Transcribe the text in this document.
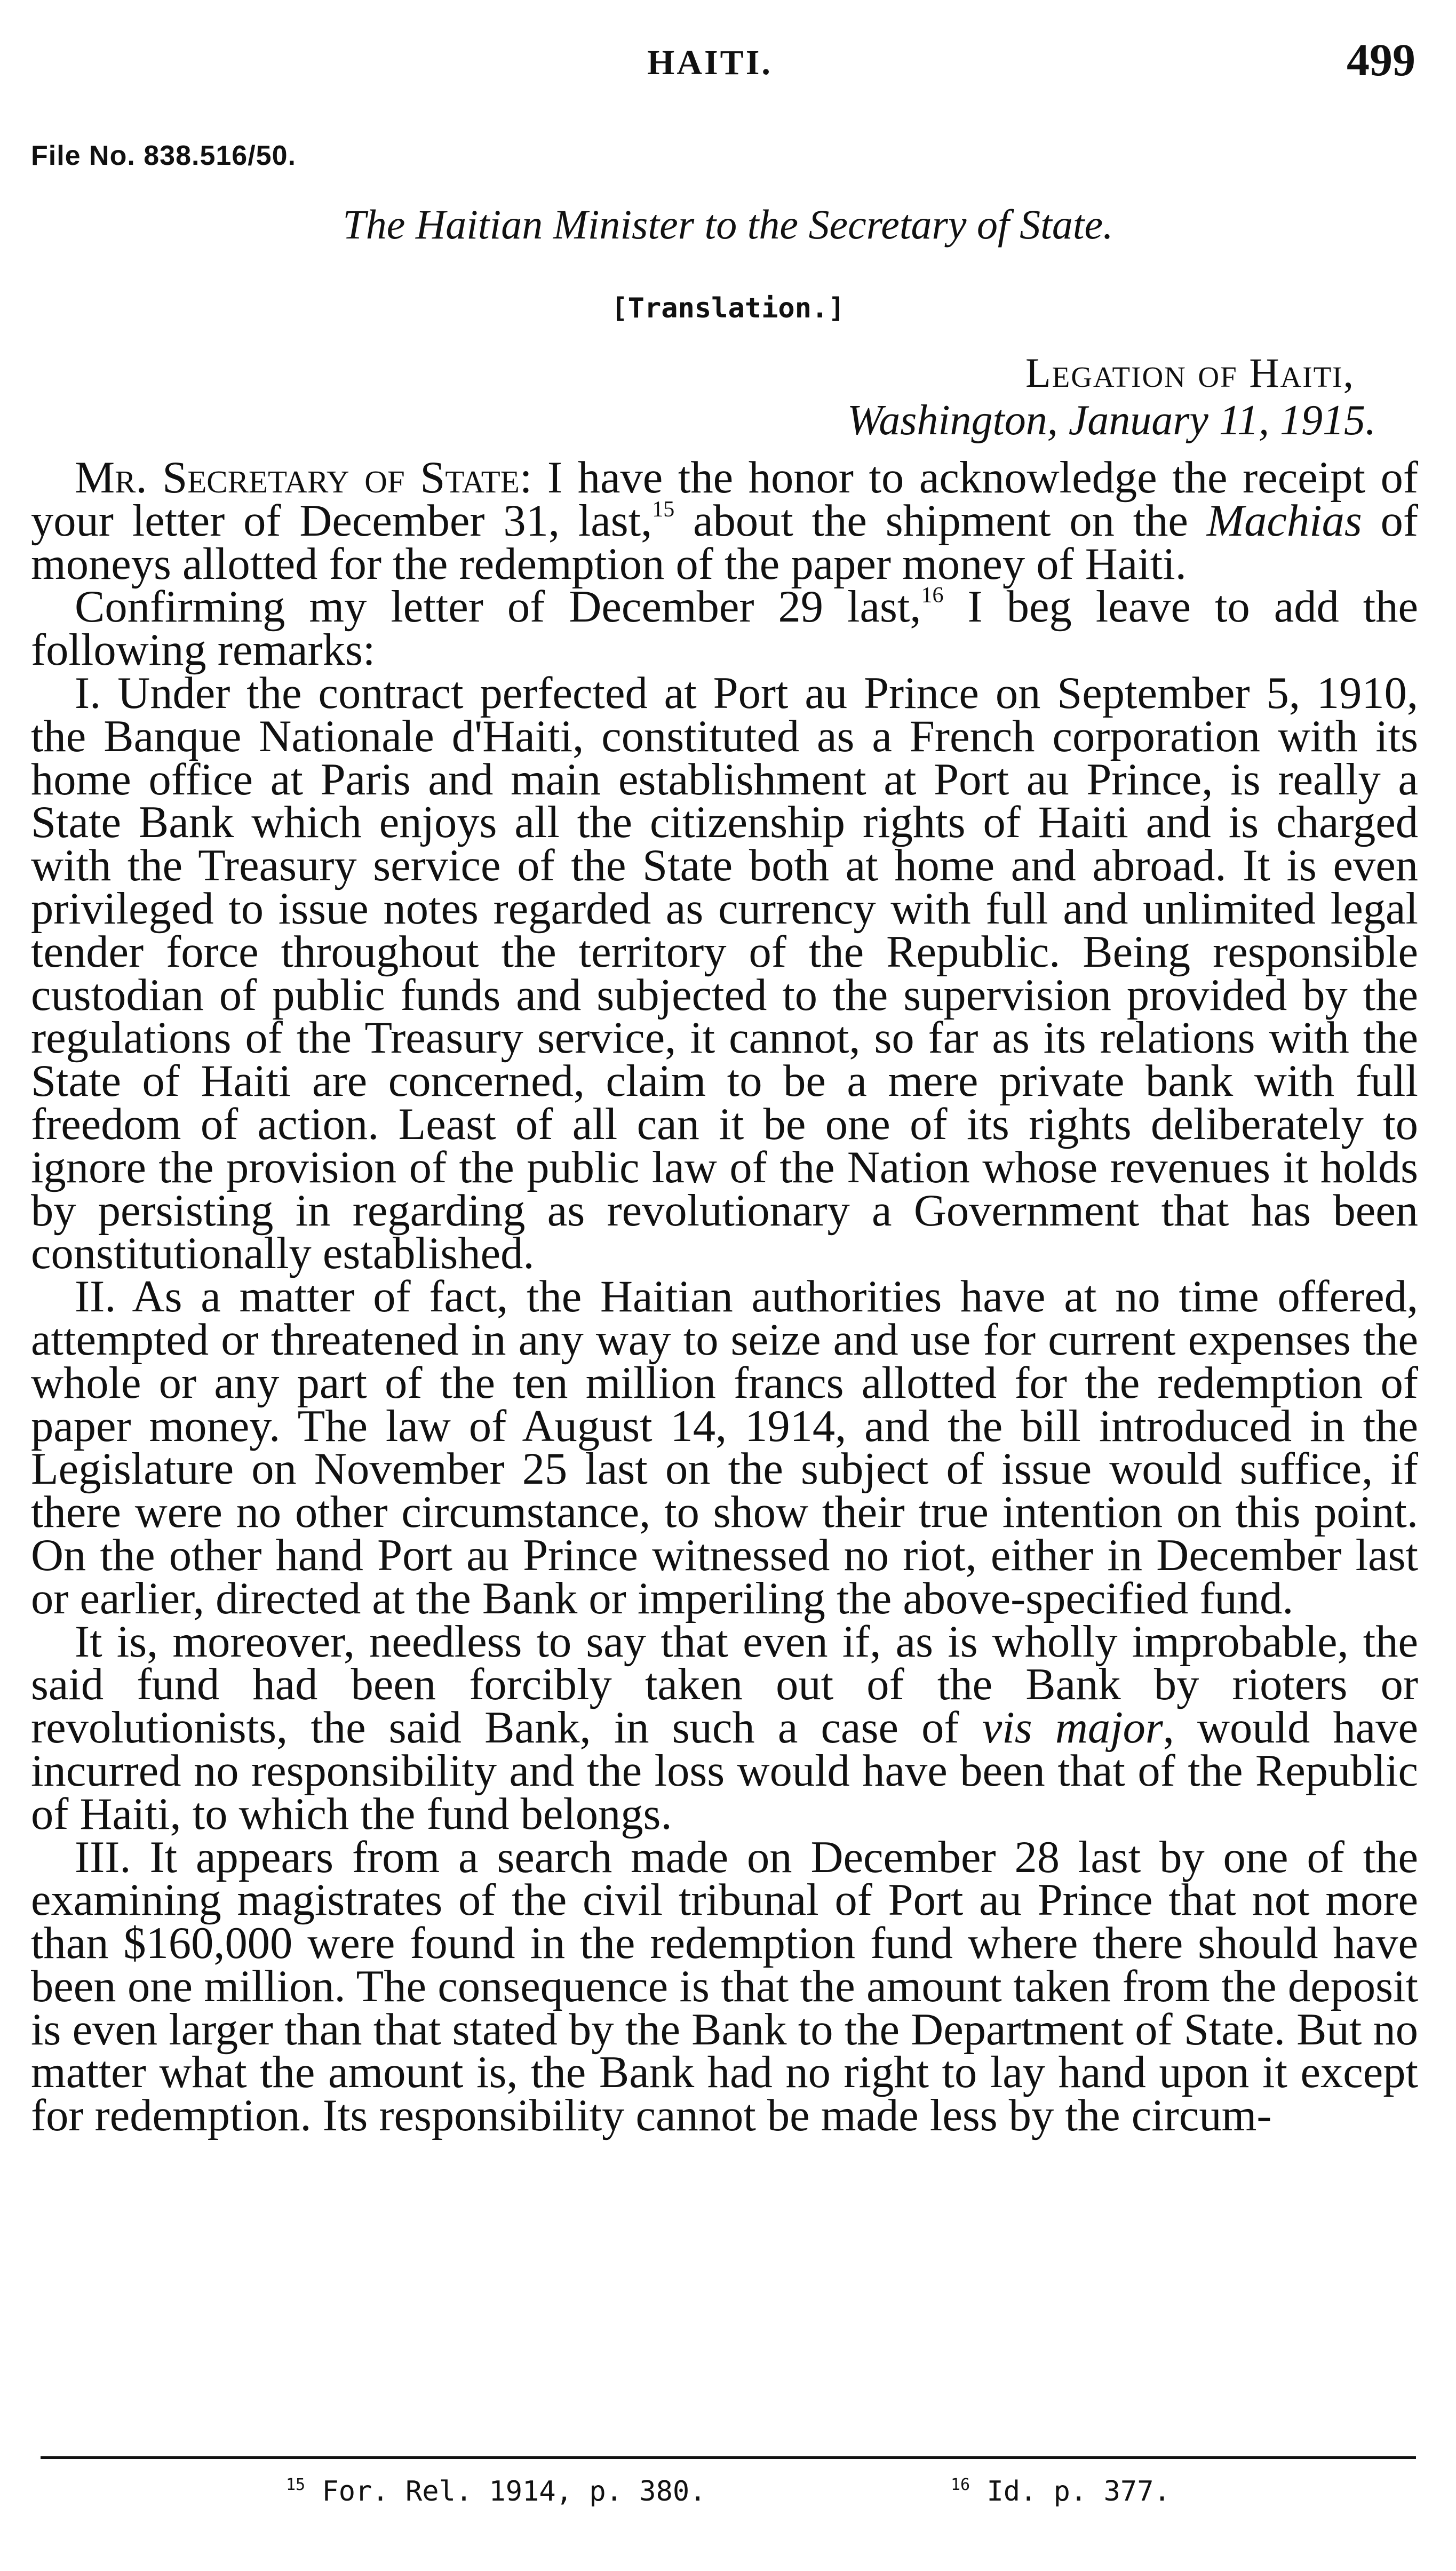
HAITI.	499
File No. 838.516/50.
The Haitian Minister to the Secretary of State.
[Translation.]
Legation of Haiti,
Washington, January 11, 1915.

Mr. Secretary of State: I have the honor to acknowledge the receipt of your letter of December 31, last,$^{15}$ about the shipment on the Machias of moneys allotted for the redemption of the paper money of Haiti.

Confirming my letter of December 29 last,$^{16}$ I beg leave to add the following remarks:

I. Under the contract perfected at Port au Prince on September 5, 1910, the Banque Nationale d'Haiti, constituted as a French corporation with its home office at Paris and main establishment at Port au Prince, is really a State Bank which enjoys all the citizenship rights of Haiti and is charged with the Treasury service of the State both at home and abroad. It is even privileged to issue notes regarded as currency with full and unlimited legal tender force throughout the territory of the Republic. Being responsible custodian of public funds and subjected to the supervision provided by the regulations of the Treasury service, it cannot, so far as its relations with the State of Haiti are concerned, claim to be a mere private bank with full freedom of action. Least of all can it be one of its rights deliberately to ignore the provision of the public law of the Nation whose revenues it holds by persisting in regarding as revolutionary a Government that has been constitutionally established.

II. As a matter of fact, the Haitian authorities have at no time offered, attempted or threatened in any way to seize and use for current expenses the whole or any part of the ten million francs allotted for the redemption of paper money. The law of August 14, 1914, and the bill introduced in the Legislature on November 25 last on the subject of issue would suffice, if there were no other circumstance, to show their true intention on this point. On the other hand Port au Prince witnessed no riot, either in December last or earlier, directed at the Bank or imperiling the above-specified fund.

It is, moreover, needless to say that even if, as is wholly improbable, the said fund had been forcibly taken out of the Bank by rioters or revolutionists, the said Bank, in such a case of vis major, would have incurred no responsibility and the loss would have been that of the Republic of Haiti, to which the fund belongs.

III. It appears from a search made on December 28 last by one of the examining magistrates of the civil tribunal of Port au Prince that not more than $160,000 were found in the redemption fund where there should have been one million. The consequence is that the amount taken from the deposit is even larger than that stated by the Bank to the Department of State. But no matter what the amount is, the Bank had no right to lay hand upon it except for redemption. Its responsibility cannot be made less by the circum-

$^{15}$ For. Rel. 1914, p. 380.	$^{16}$ Id. p. 377.
